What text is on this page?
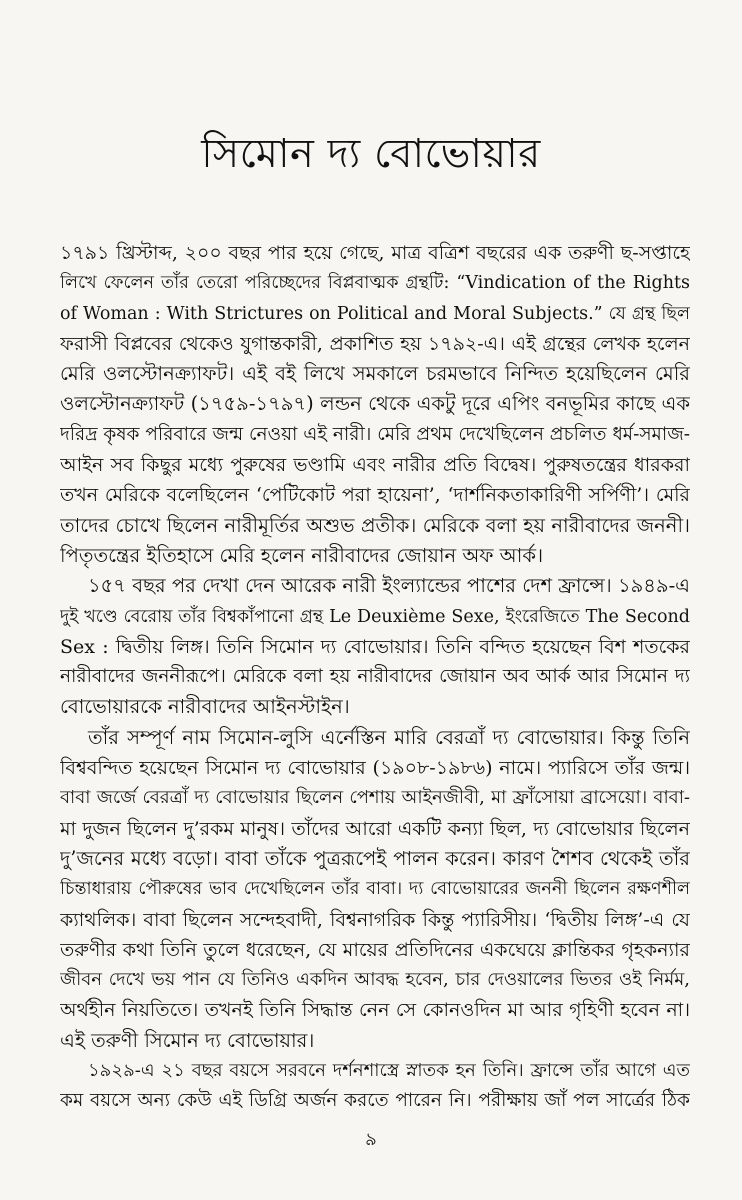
সিমোন দ্য বোভোয়ার
১৭৯১ খ্রিস্টাব্দ, ২০০ বছর পার হয়ে গেছে, মাত্র বত্রিশ বছরের এক তরুণী ছ-সপ্তাহে
লিখে ফেলেন তাঁর তেরো পরিচ্ছেদের বিপ্লবাত্মক গ্রন্থটি: “Vindication of the Rights
of Woman : With Strictures on Political and Moral Subjects.” যে গ্রন্থ ছিল
ফরাসী বিপ্লবের থেকেও যুগান্তকারী, প্রকাশিত হয় ১৭৯২-এ। এই গ্রন্থের লেখক হলেন
মেরি ওলস্টোনক্র্যাফট। এই বই লিখে সমকালে চরমভাবে নিন্দিত হয়েছিলেন মেরি
ওলস্টোনক্র্যাফট (১৭৫৯-১৭৯৭) লন্ডন থেকে একটু দূরে এপিং বনভূমির কাছে এক
দরিদ্র কৃষক পরিবারে জন্ম নেওয়া এই নারী। মেরি প্রথম দেখেছিলেন প্রচলিত ধর্ম-সমাজ-
আইন সব কিছুর মধ্যে পুরুষের ভণ্ডামি এবং নারীর প্রতি বিদ্বেষ। পুরুষতন্ত্রের ধারকরা
তখন মেরিকে বলেছিলেন ‘পেটিকোট পরা হায়েনা’, ‘দার্শনিকতাকারিণী সর্পিণী’। মেরি
তাদের চোখে ছিলেন নারীমূর্তির অশুভ প্রতীক। মেরিকে বলা হয় নারীবাদের জননী।
পিতৃতন্ত্রের ইতিহাসে মেরি হলেন নারীবাদের জোয়ান অফ আর্ক।
১৫৭ বছর পর দেখা দেন আরেক নারী ইংল্যান্ডের পাশের দেশ ফ্রান্সে। ১৯৪৯-এ
দুই খণ্ডে বেরোয় তাঁর বিশ্বকাঁপানো গ্রন্থ Le Deuxième Sexe, ইংরেজিতে The Second
Sex : দ্বিতীয় লিঙ্গ। তিনি সিমোন দ্য বোভোয়ার। তিনি বন্দিত হয়েছেন বিশ শতকের
নারীবাদের জননীরূপে। মেরিকে বলা হয় নারীবাদের জোয়ান অব আর্ক আর সিমোন দ্য
বোভোয়ারকে নারীবাদের আইনস্টাইন।
তাঁর সম্পূর্ণ নাম সিমোন-লুসি এর্নেস্তিন মারি বেরত্রাঁ দ্য বোভোয়ার। কিন্তু তিনি
বিশ্ববন্দিত হয়েছেন সিমোন দ্য বোভোয়ার (১৯০৮-১৯৮৬) নামে। প্যারিসে তাঁর জন্ম।
বাবা জর্জে বেরত্রাঁ দ্য বোভোয়ার ছিলেন পেশায় আইনজীবী, মা ফ্রাঁসোয়া ব্রাসেয়ো। বাবা-
মা দুজন ছিলেন দু’রকম মানুষ। তাঁদের আরো একটি কন্যা ছিল, দ্য বোভোয়ার ছিলেন
দু’জনের মধ্যে বড়ো। বাবা তাঁকে পুত্ররূপেই পালন করেন। কারণ শৈশব থেকেই তাঁর
চিন্তাধারায় পৌরুষের ভাব দেখেছিলেন তাঁর বাবা। দ্য বোভোয়ারের জননী ছিলেন রক্ষণশীল
ক্যাথলিক। বাবা ছিলেন সন্দেহবাদী, বিশ্বনাগরিক কিন্তু প্যারিসীয়। ‘দ্বিতীয় লিঙ্গ’-এ যে
তরুণীর কথা তিনি তুলে ধরেছেন, যে মায়ের প্রতিদিনের একঘেয়ে ক্লান্তিকর গৃহকন্যার
জীবন দেখে ভয় পান যে তিনিও একদিন আবদ্ধ হবেন, চার দেওয়ালের ভিতর ওই নির্মম,
অর্থহীন নিয়তিতে। তখনই তিনি সিদ্ধান্ত নেন সে কোনওদিন মা আর গৃহিণী হবেন না।
এই তরুণী সিমোন দ্য বোভোয়ার।
১৯২৯-এ ২১ বছর বয়সে সরবনে দর্শনশাস্ত্রে স্নাতক হন তিনি। ফ্রান্সে তাঁর আগে এত
কম বয়সে অন্য কেউ এই ডিগ্রি অর্জন করতে পারেন নি। পরীক্ষায় জাঁ পল সার্ত্রের ঠিক
৯
